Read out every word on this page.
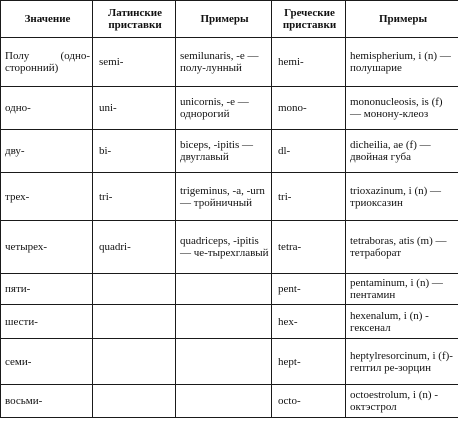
Значение	Латинские приставки	Примеры	Греческие приставки	Примеры
Полу (одно-сторонний)	semi-	semilunaris, -e — полу-лунный	hemi-	hemispherium, i (n) — полушарие
одно-	uni-	unicornis, -e — однорогий	mono-	mononucleosis, is (f) — монону-клеоз
дву-	bi-	biceps, -ipitis — двуглавый	dl-	dicheilia, ae (f) — двойная губа
трех-	tri-	trigeminus, -a, -urn — тройничный	tri-	trioxazinum, i (n) — триоксазин
четырех-	quadri-	quadriceps, -ipitis — че-тырехглавый	tetra-	tetraboras, atis (m) — тетраборат
пяти-			pent-	pentaminum, i (n) — пентамин
шести-			hex-	hexenalum, i (n) - гексенал
семи-			hept-	heptylresorcinum, i (f)- гептил ре-зорцин
восьми-			octo-	octoestrolum, i (n) - октэстрол
